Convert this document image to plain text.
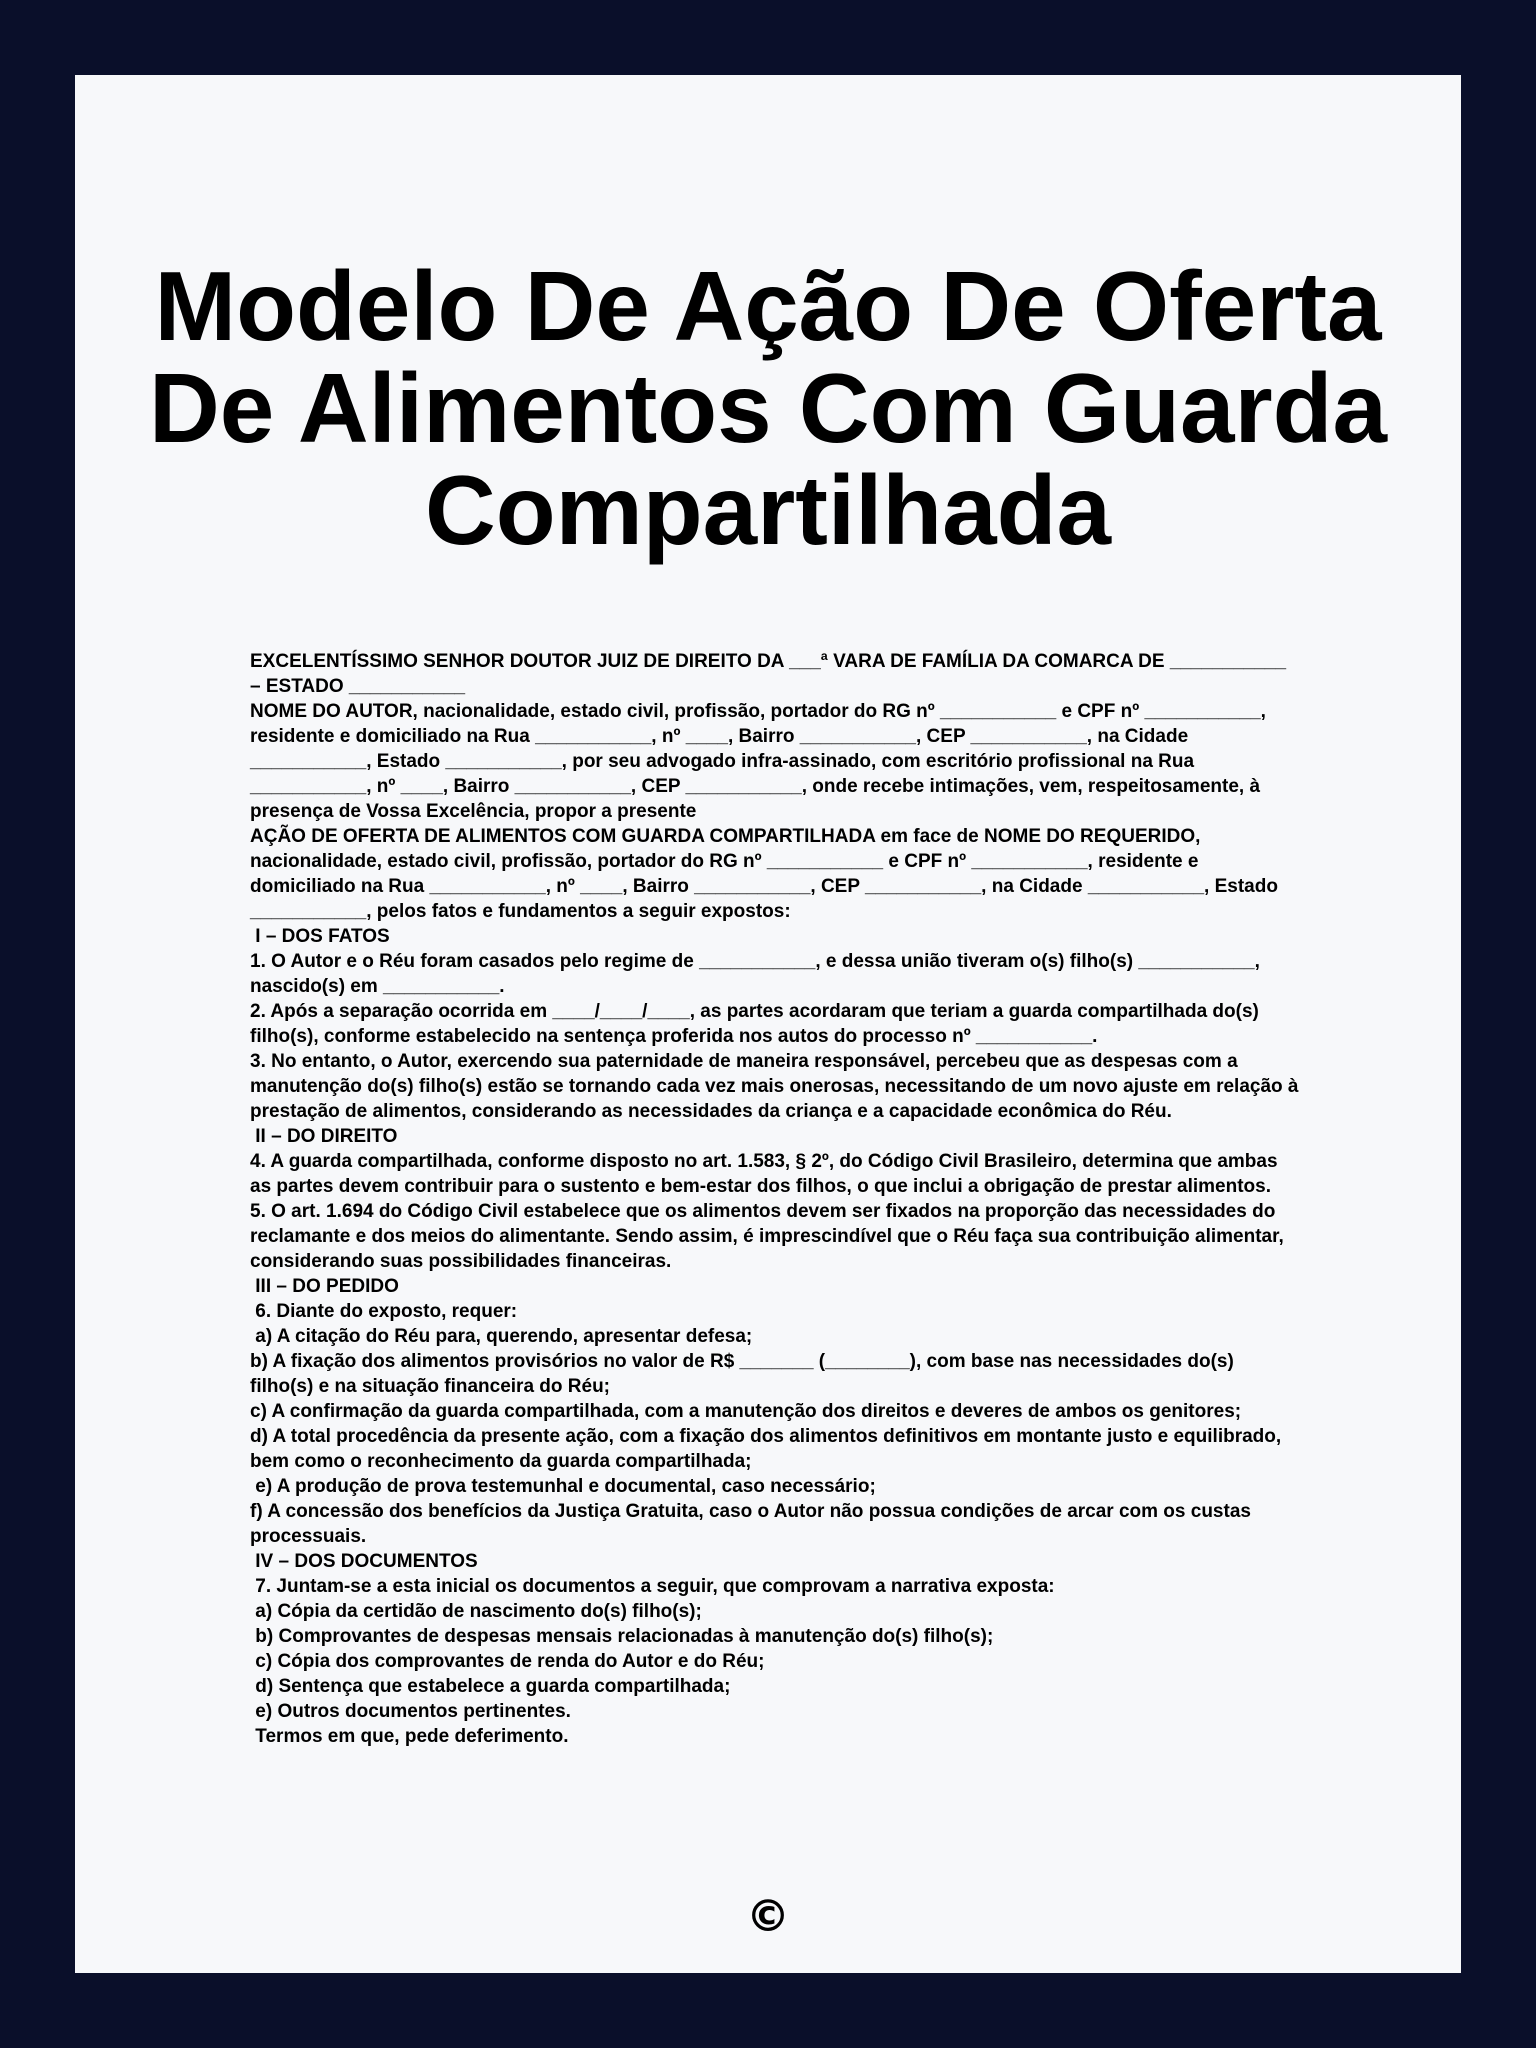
Modelo De Ação De Oferta
De Alimentos Com Guarda
Compartilhada

EXCELENTÍSSIMO SENHOR DOUTOR JUIZ DE DIREITO DA ___ª VARA DE FAMÍLIA DA COMARCA DE ___________ – ESTADO ___________

NOME DO AUTOR, nacionalidade, estado civil, profissão, portador do RG nº ___________ e CPF nº ___________, residente e domiciliado na Rua ___________, nº ____, Bairro ___________, CEP ___________, na Cidade ___________, Estado ___________, por seu advogado infra-assinado, com escritório profissional na Rua ___________, nº ____, Bairro ___________, CEP ___________, onde recebe intimações, vem, respeitosamente, à presença de Vossa Excelência, propor a presente

AÇÃO DE OFERTA DE ALIMENTOS COM GUARDA COMPARTILHADA em face de NOME DO REQUERIDO, nacionalidade, estado civil, profissão, portador do RG nº ___________ e CPF nº ___________, residente e domiciliado na Rua ___________, nº ____, Bairro ___________, CEP ___________, na Cidade ___________, Estado ___________, pelos fatos e fundamentos a seguir expostos:

I – DOS FATOS

1. O Autor e o Réu foram casados pelo regime de ___________, e dessa união tiveram o(s) filho(s) ___________, nascido(s) em ___________.

2. Após a separação ocorrida em ____/____/____, as partes acordaram que teriam a guarda compartilhada do(s) filho(s), conforme estabelecido na sentença proferida nos autos do processo nº ___________.

3. No entanto, o Autor, exercendo sua paternidade de maneira responsável, percebeu que as despesas com a manutenção do(s) filho(s) estão se tornando cada vez mais onerosas, necessitando de um novo ajuste em relação à prestação de alimentos, considerando as necessidades da criança e a capacidade econômica do Réu.

II – DO DIREITO

4. A guarda compartilhada, conforme disposto no art. 1.583, § 2º, do Código Civil Brasileiro, determina que ambas as partes devem contribuir para o sustento e bem-estar dos filhos, o que inclui a obrigação de prestar alimentos.

5. O art. 1.694 do Código Civil estabelece que os alimentos devem ser fixados na proporção das necessidades do reclamante e dos meios do alimentante. Sendo assim, é imprescindível que o Réu faça sua contribuição alimentar, considerando suas possibilidades financeiras.

III – DO PEDIDO

6. Diante do exposto, requer:

a) A citação do Réu para, querendo, apresentar defesa;

b) A fixação dos alimentos provisórios no valor de R$ _______ (________), com base nas necessidades do(s) filho(s) e na situação financeira do Réu;

c) A confirmação da guarda compartilhada, com a manutenção dos direitos e deveres de ambos os genitores;

d) A total procedência da presente ação, com a fixação dos alimentos definitivos em montante justo e equilibrado, bem como o reconhecimento da guarda compartilhada;

e) A produção de prova testemunhal e documental, caso necessário;

f) A concessão dos benefícios da Justiça Gratuita, caso o Autor não possua condições de arcar com os custas processuais.

IV – DOS DOCUMENTOS

7. Juntam-se a esta inicial os documentos a seguir, que comprovam a narrativa exposta:

a) Cópia da certidão de nascimento do(s) filho(s);

b) Comprovantes de despesas mensais relacionadas à manutenção do(s) filho(s);

c) Cópia dos comprovantes de renda do Autor e do Réu;

d) Sentença que estabelece a guarda compartilhada;

e) Outros documentos pertinentes.

Termos em que, pede deferimento.

©
